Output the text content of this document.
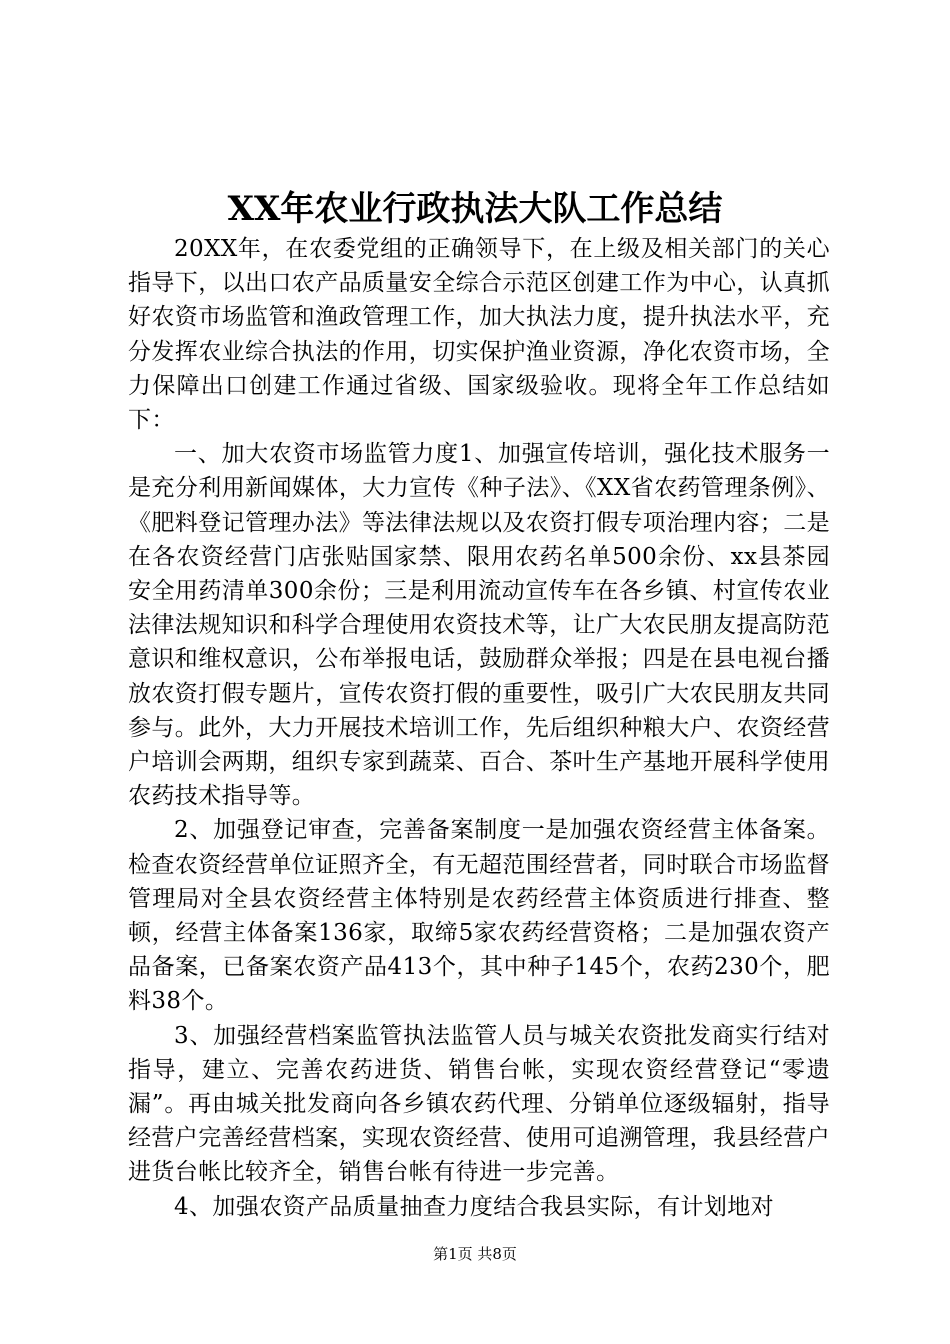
XX年农业行政执法大队工作总结

20XX年，在农委党组的正确领导下，在上级及相关部门的关心指导下，以出口农产品质量安全综合示范区创建工作为中心，认真抓好农资市场监管和渔政管理工作，加大执法力度，提升执法水平，充分发挥农业综合执法的作用，切实保护渔业资源，净化农资市场，全力保障出口创建工作通过省级、国家级验收。现将全年工作总结如下：

一、加大农资市场监管力度1、加强宣传培训，强化技术服务一是充分利用新闻媒体，大力宣传《种子法》、《XX省农药管理条例》、《肥料登记管理办法》等法律法规以及农资打假专项治理内容；二是在各农资经营门店张贴国家禁、限用农药名单500余份、xx县茶园安全用药清单300余份；三是利用流动宣传车在各乡镇、村宣传农业法律法规知识和科学合理使用农资技术等，让广大农民朋友提高防范意识和维权意识，公布举报电话，鼓励群众举报；四是在县电视台播放农资打假专题片，宣传农资打假的重要性，吸引广大农民朋友共同参与。此外，大力开展技术培训工作，先后组织种粮大户、农资经营户培训会两期，组织专家到蔬菜、百合、茶叶生产基地开展科学使用农药技术指导等。

2、加强登记审查，完善备案制度一是加强农资经营主体备案。检查农资经营单位证照齐全，有无超范围经营者，同时联合市场监督管理局对全县农资经营主体特别是农药经营主体资质进行排查、整顿，经营主体备案136家，取缔5家农药经营资格；二是加强农资产品备案，已备案农资产品413个，其中种子145个，农药230个，肥料38个。

3、加强经营档案监管执法监管人员与城关农资批发商实行结对指导，建立、完善农药进货、销售台帐，实现农资经营登记“零遗漏”。再由城关批发商向各乡镇农药代理、分销单位逐级辐射，指导经营户完善经营档案，实现农资经营、使用可追溯管理，我县经营户进货台帐比较齐全，销售台帐有待进一步完善。

4、加强农资产品质量抽查力度结合我县实际，有计划地对

第1页 共8页
